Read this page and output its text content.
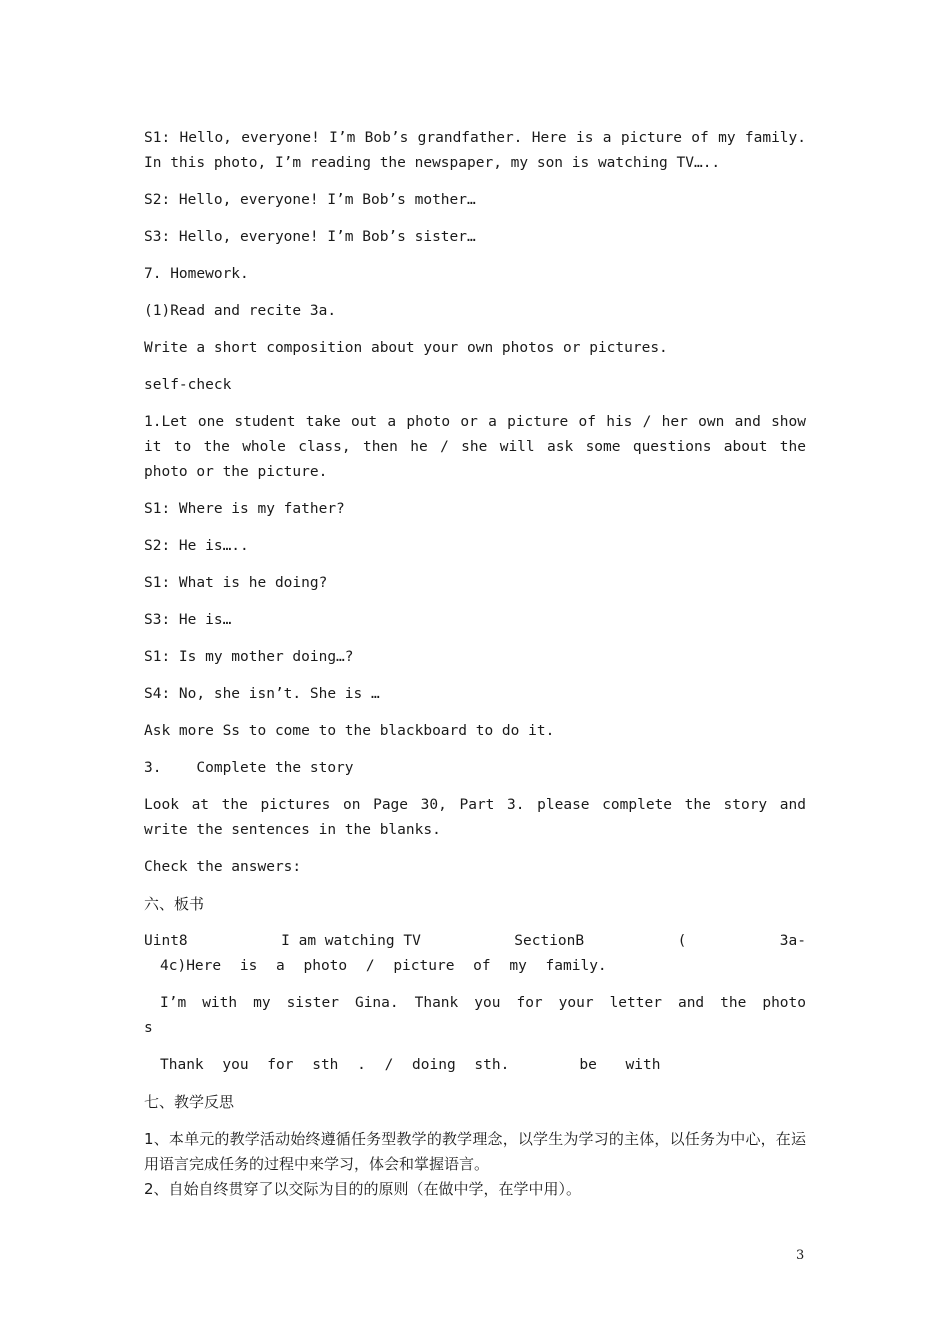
S1: Hello, everyone! I’m Bob’s grandfather. Here is a picture of my family. In this photo, I’m reading the newspaper, my son is watching TV…..

S2: Hello, everyone! I’m Bob’s mother…

S3: Hello, everyone! I’m Bob’s sister…

7. Homework.

(1)Read and recite 3a.

Write a short composition about your own photos or pictures.

self-check

1.Let one student take out a photo or a picture of his / her own and show it to the whole class, then he / she will ask some questions about the photo or the picture.

S1: Where is my father?

S2: He is…..

S1: What is he doing?

S3: He is…

S1: Is my mother doing…?

S4: No, she isn’t. She is …

Ask more Ss to come to the blackboard to do it.

3.    Complete the story

Look at the pictures on Page 30, Part 3. please complete the story and write the sentences in the blanks.

Check the answers:

六、板书

Uint8	I am watching TV	SectionB	(	3a-
4c)Here is a photo / picture of my family.
I’m with my sister Gina. Thank you for your letter and the photo
s
Thank you for sth . / doing sth.	be with

七、教学反思

1、本单元的教学活动始终遵循任务型教学的教学理念，以学生为学习的主体，以任务为中心，在运用语言完成任务的过程中来学习，体会和掌握语言。

2、自始自终贯穿了以交际为目的的原则（在做中学，在学中用）。

3
